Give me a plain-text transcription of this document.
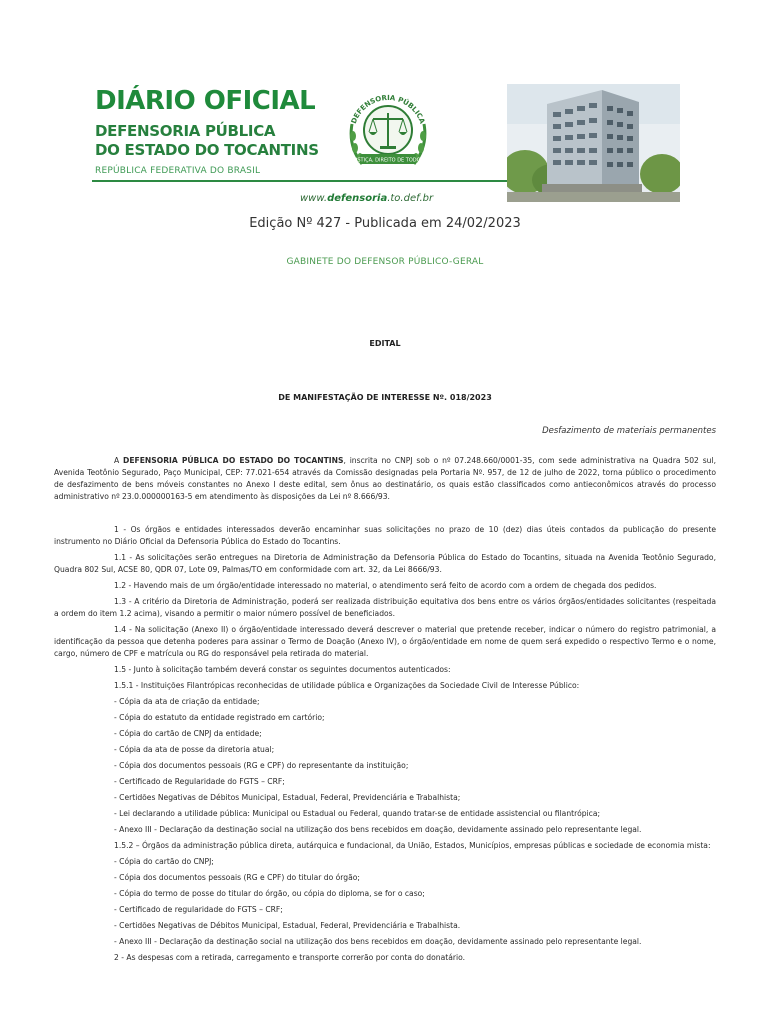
DIÁRIO OFICIAL
DEFENSORIA PÚBLICA
DO ESTADO DO TOCANTINS
REPÚBLICA FEDERATIVA DO BRASIL
DEFENSORIA PÚBLICA
JUSTIÇA, DIREITO DE TODOS
www.defensoria.to.def.br
Edição Nº 427 - Publicada em 24/02/2023
GABINETE DO DEFENSOR PÚBLICO-GERAL
EDITAL
DE MANIFESTAÇÃO DE INTERESSE Nº. 018/2023
Desfazimento de materiais permanentes

A DEFENSORIA PÚBLICA DO ESTADO DO TOCANTINS, inscrita no CNPJ sob o nº 07.248.660/0001-35, com sede administrativa na Quadra 502 sul, Avenida Teotônio Segurado, Paço Municipal, CEP: 77.021-654 através da Comissão designadas pela Portaria Nº. 957, de 12 de julho de 2022, torna público o procedimento de desfazimento de bens móveis constantes no Anexo I deste edital, sem ônus ao destinatário, os quais estão classificados como antieconômicos através do processo administrativo nº 23.0.000000163-5 em atendimento às disposições da Lei nº 8.666/93.

1 - Os órgãos e entidades interessados deverão encaminhar suas solicitações no prazo de 10 (dez) dias úteis contados da publicação do presente instrumento no Diário Oficial da Defensoria Pública do Estado do Tocantins.

1.1 - As solicitações serão entregues na Diretoria de Administração da Defensoria Pública do Estado do Tocantins, situada na Avenida Teotônio Segurado, Quadra 802 Sul, ACSE 80, QDR 07, Lote 09, Palmas/TO em conformidade com art. 32, da Lei 8666/93.

1.2 - Havendo mais de um órgão/entidade interessado no material, o atendimento será feito de acordo com a ordem de chegada dos pedidos.

1.3 - A critério da Diretoria de Administração, poderá ser realizada distribuição equitativa dos bens entre os vários órgãos/entidades solicitantes (respeitada a ordem do item 1.2 acima), visando a permitir o maior número possível de beneficiados.

1.4 - Na solicitação (Anexo II) o órgão/entidade interessado deverá descrever o material que pretende receber, indicar o número do registro patrimonial, a identificação da pessoa que detenha poderes para assinar o Termo de Doação (Anexo IV), o órgão/entidade em nome de quem será expedido o respectivo Termo e o nome, cargo, número de CPF e matrícula ou RG do responsável pela retirada do material.

1.5 - Junto à solicitação também deverá constar os seguintes documentos autenticados:

1.5.1 - Instituições Filantrópicas reconhecidas de utilidade pública e Organizações da Sociedade Civil de Interesse Público:

- Cópia da ata de criação da entidade;

- Cópia do estatuto da entidade registrado em cartório;

- Cópia do cartão de CNPJ da entidade;

- Cópia da ata de posse da diretoria atual;

- Cópia dos documentos pessoais (RG e CPF) do representante da instituição;

- Certificado de Regularidade do FGTS – CRF;

- Certidões Negativas de Débitos Municipal, Estadual, Federal, Previdenciária e Trabalhista;

- Lei declarando a utilidade pública: Municipal ou Estadual ou Federal, quando tratar-se de entidade assistencial ou filantrópica;

- Anexo III - Declaração da destinação social na utilização dos bens recebidos em doação, devidamente assinado pelo representante legal.

1.5.2 – Órgãos da administração pública direta, autárquica e fundacional, da União, Estados, Municípios, empresas públicas e sociedade de economia mista:

- Cópia do cartão do CNPJ;

- Cópia dos documentos pessoais (RG e CPF) do titular do órgão;

- Cópia do termo de posse do titular do órgão, ou cópia do diploma, se for o caso;

- Certificado de regularidade do FGTS – CRF;

- Certidões Negativas de Débitos Municipal, Estadual, Federal, Previdenciária e Trabalhista.

- Anexo III - Declaração da destinação social na utilização dos bens recebidos em doação, devidamente assinado pelo representante legal.

2 - As despesas com a retirada, carregamento e transporte correrão por conta do donatário.
